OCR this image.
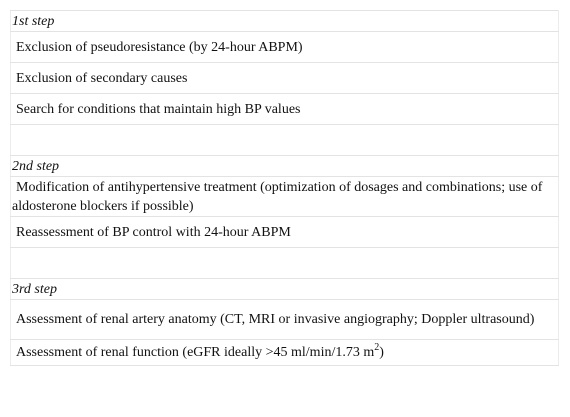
1st step
Exclusion of pseudoresistance (by 24-hour ABPM)
Exclusion of secondary causes
Search for conditions that maintain high BP values

2nd step

Modification of antihypertensive treatment (optimization of dosages and combinations; use of aldosterone blockers if possible)

Reassessment of BP control with 24-hour ABPM

3rd step

Assessment of renal artery anatomy (CT, MRI or invasive angiography; Doppler ultrasound)

Assessment of renal function (eGFR ideally >45 ml/min/1.73 $m^2$)
